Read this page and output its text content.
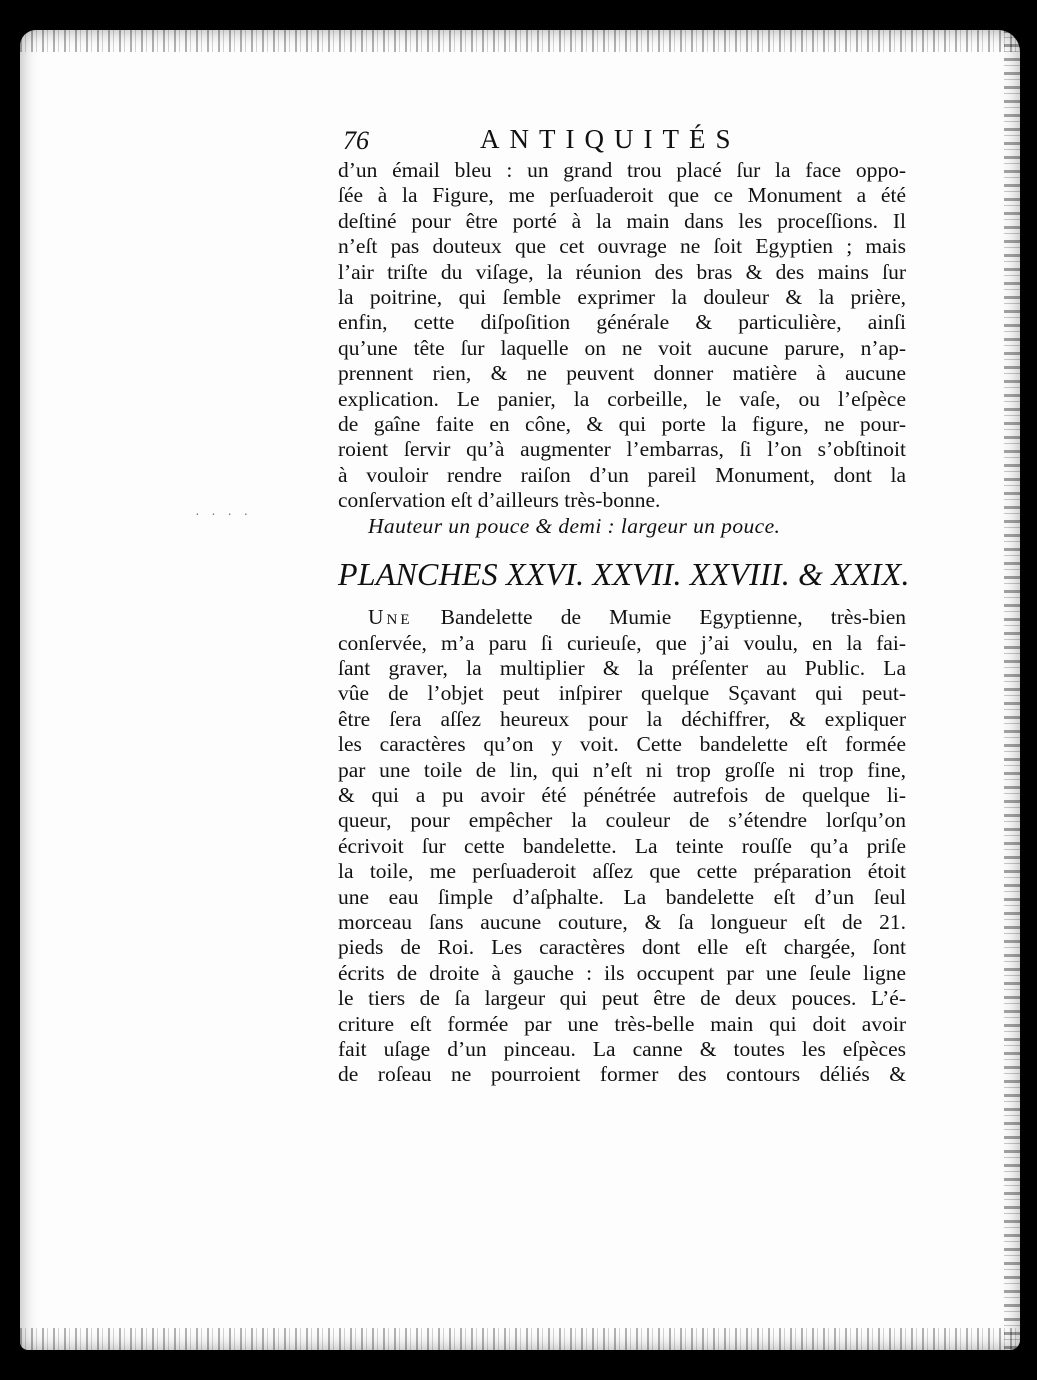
· · · ·
76	ANTIQUITÉS
d’un émail bleu : un grand trou placé ſur la face oppo-
ſée à la Figure, me perſuaderoit que ce Monument a été
deſtiné pour être porté à la main dans les proceſſions. Il
n’eſt pas douteux que cet ouvrage ne ſoit Egyptien ; mais
l’air triſte du viſage, la réunion des bras & des mains ſur
la poitrine, qui ſemble exprimer la douleur & la prière,
enfin, cette diſpoſition générale & particulière, ainſi
qu’une tête ſur laquelle on ne voit aucune parure, n’ap-
prennent rien, & ne peuvent donner matière à aucune
explication. Le panier, la corbeille, le vaſe, ou l’eſpèce
de gaîne faite en cône, & qui porte la figure, ne pour-
roient ſervir qu’à augmenter l’embarras, ſi l’on s’obſtinoit
à vouloir rendre raiſon d’un pareil Monument, dont la
conſervation eſt d’ailleurs très-bonne.
Hauteur un pouce & demi : largeur un pouce.
PLANCHES XXVI. XXVII. XXVIII. & XXIX.
Une Bandelette de Mumie Egyptienne, très-bien
conſervée, m’a paru ſi curieuſe, que j’ai voulu, en la fai-
ſant graver, la multiplier & la préſenter au Public. La
vûe de l’objet peut inſpirer quelque Sçavant qui peut-
être ſera aſſez heureux pour la déchiffrer, & expliquer
les caractères qu’on y voit. Cette bandelette eſt formée
par une toile de lin, qui n’eſt ni trop groſſe ni trop fine,
& qui a pu avoir été pénétrée autrefois de quelque li-
queur, pour empêcher la couleur de s’étendre lorſqu’on
écrivoit ſur cette bandelette. La teinte rouſſe qu’a priſe
la toile, me perſuaderoit aſſez que cette préparation étoit
une eau ſimple d’aſphalte. La bandelette eſt d’un ſeul
morceau ſans aucune couture, & ſa longueur eſt de 21.
pieds de Roi. Les caractères dont elle eſt chargée, ſont
écrits de droite à gauche : ils occupent par une ſeule ligne
le tiers de ſa largeur qui peut être de deux pouces. L’é-
criture eſt formée par une très-belle main qui doit avoir
fait uſage d’un pinceau. La canne & toutes les eſpèces
de roſeau ne pourroient former des contours déliés &
